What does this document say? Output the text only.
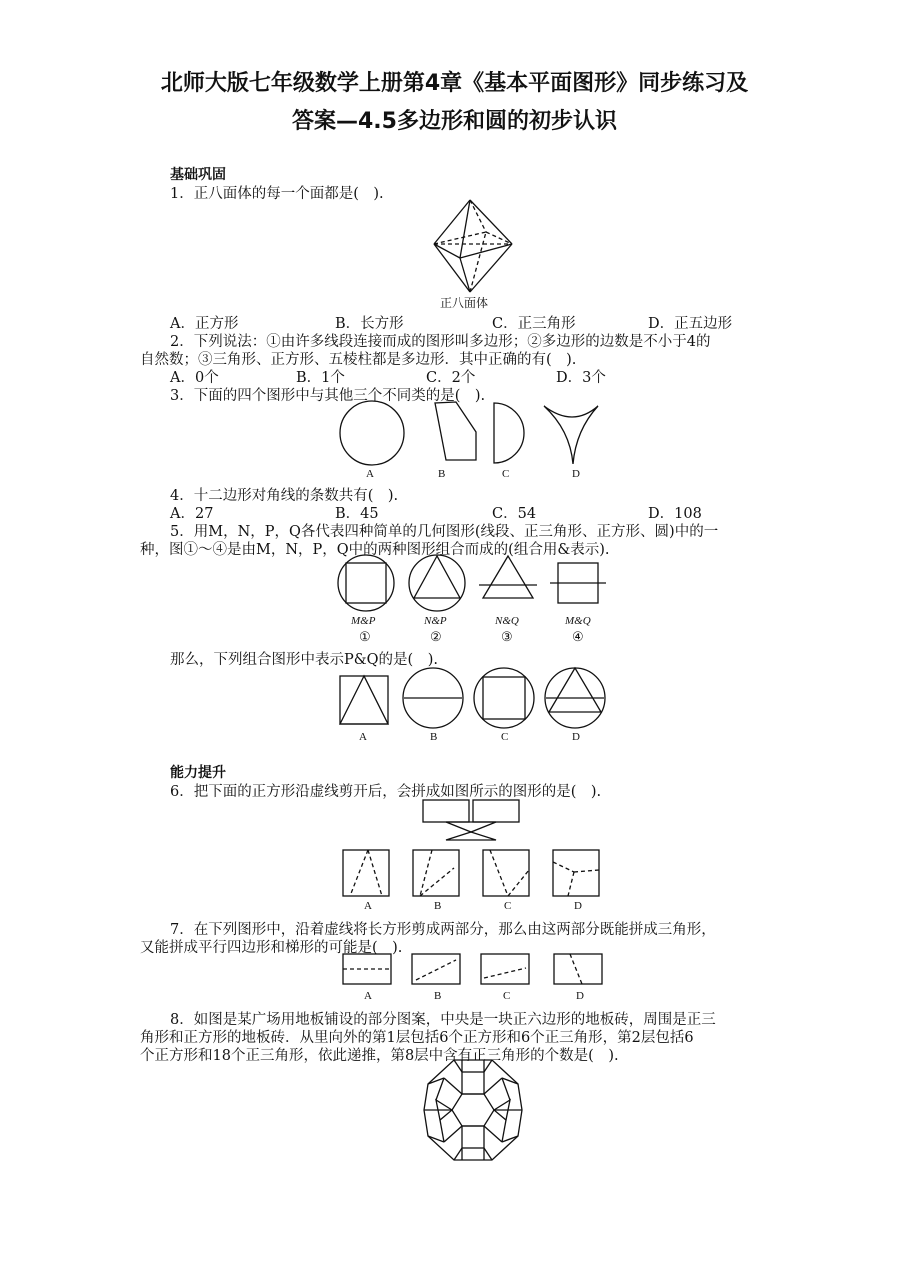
北师大版七年级数学上册第4章《基本平面图形》同步练习及
答案—4.5多边形和圆的初步认识
基础巩固
1．正八面体的每一个面都是(　).
正八面体
A．正方形	B．长方形	C．正三角形	D．正五边形
2．下列说法：①由许多线段连接而成的图形叫多边形；②多边形的边数是不小于4的
自然数；③三角形、正方形、五棱柱都是多边形．其中正确的有(　).
A．0个	B．1个	C．2个	D．3个
3．下面的四个图形中与其他三个不同类的是(　).
A	B	C	D
4．十二边形对角线的条数共有(　).
A．27	B．45	C．54	D．108
5．用M，N，P，Q各代表四种简单的几何图形(线段、正三角形、正方形、圆)中的一
种，图①～④是由M，N，P，Q中的两种图形组合而成的(组合用&表示).
M&P	N&P	N&Q	M&Q
①	②	③	④
那么，下列组合图形中表示P&Q的是(　).
A	B	C	D
能力提升
6．把下面的正方形沿虚线剪开后，会拼成如图所示的图形的是(　).
A	B	C	D
7．在下列图形中，沿着虚线将长方形剪成两部分，那么由这两部分既能拼成三角形，
又能拼成平行四边形和梯形的可能是(　).
A	B	C	D
8．如图是某广场用地板铺设的部分图案，中央是一块正六边形的地板砖，周围是正三
角形和正方形的地板砖．从里向外的第1层包括6个正方形和6个正三角形，第2层包括6
个正方形和18个正三角形，依此递推，第8层中含有正三角形的个数是(　).
